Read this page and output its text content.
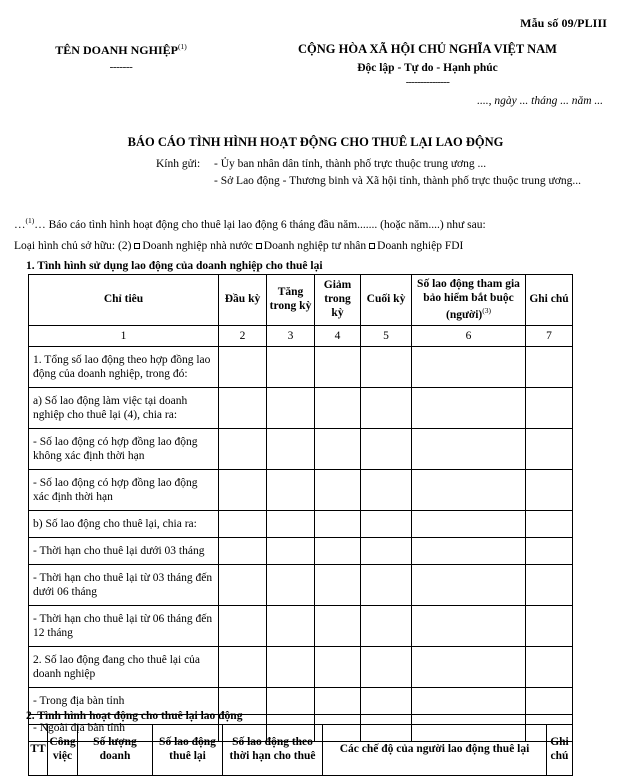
Mẫu số 09/PLIII
TÊN DOANH NGHIỆP$^{(1)}$
-------
CỘNG HÒA XÃ HỘI CHỦ NGHĨA VIỆT NAM
Độc lập - Tự do - Hạnh phúc
---------------
...., ngày ... tháng ... năm ...
BÁO CÁO TÌNH HÌNH HOẠT ĐỘNG CHO THUÊ LẠI LAO ĐỘNG
Kính gửi:	- Ủy ban nhân dân tỉnh, thành phố trực thuộc trung ương ...
- Sở Lao động - Thương binh và Xã hội tỉnh, thành phố trực thuộc trung ương...

…$^{(1)}$… Báo cáo tình hình hoạt động cho thuê lại lao động 6 tháng đầu năm....... (hoặc năm....) như sau:

Loại hình chủ sở hữu: (2) Doanh nghiệp nhà nước Doanh nghiệp tư nhân Doanh nghiệp FDI

1. Tình hình sử dụng lao động của doanh nghiệp cho thuê lại
Chỉ tiêu	Đầu kỳ	Tăng trong kỳ	Giảm trong kỳ	Cuối kỳ	Số lao động tham gia bảo hiểm bắt buộc (người)$^{(3)}$	Ghi chú
1	2	3	4	5	6	7
1. Tổng số lao động theo hợp đồng lao động của doanh nghiệp, trong đó:						
a) Số lao động làm việc tại doanh nghiệp cho thuê lại (4), chia ra:						
- Số lao động có hợp đồng lao động không xác định thời hạn						
- Số lao động có hợp đồng lao động xác định thời hạn						
b) Số lao động cho thuê lại, chia ra:						
- Thời hạn cho thuê lại dưới 03 tháng						
- Thời hạn cho thuê lại từ 03 tháng đến dưới 06 tháng						
- Thời hạn cho thuê lại từ 06 tháng đến 12 tháng						
2. Số lao động đang cho thuê lại của doanh nghiệp						
- Trong địa bàn tỉnh						
- Ngoài địa bàn tỉnh						
2. Tình hình hoạt động cho thuê lại lao động
TT	Công việc	Số lượng doanh	Số lao động thuê lại	Số lao động theo thời hạn cho thuê	Các chế độ của người lao động thuê lại	Ghi chú
